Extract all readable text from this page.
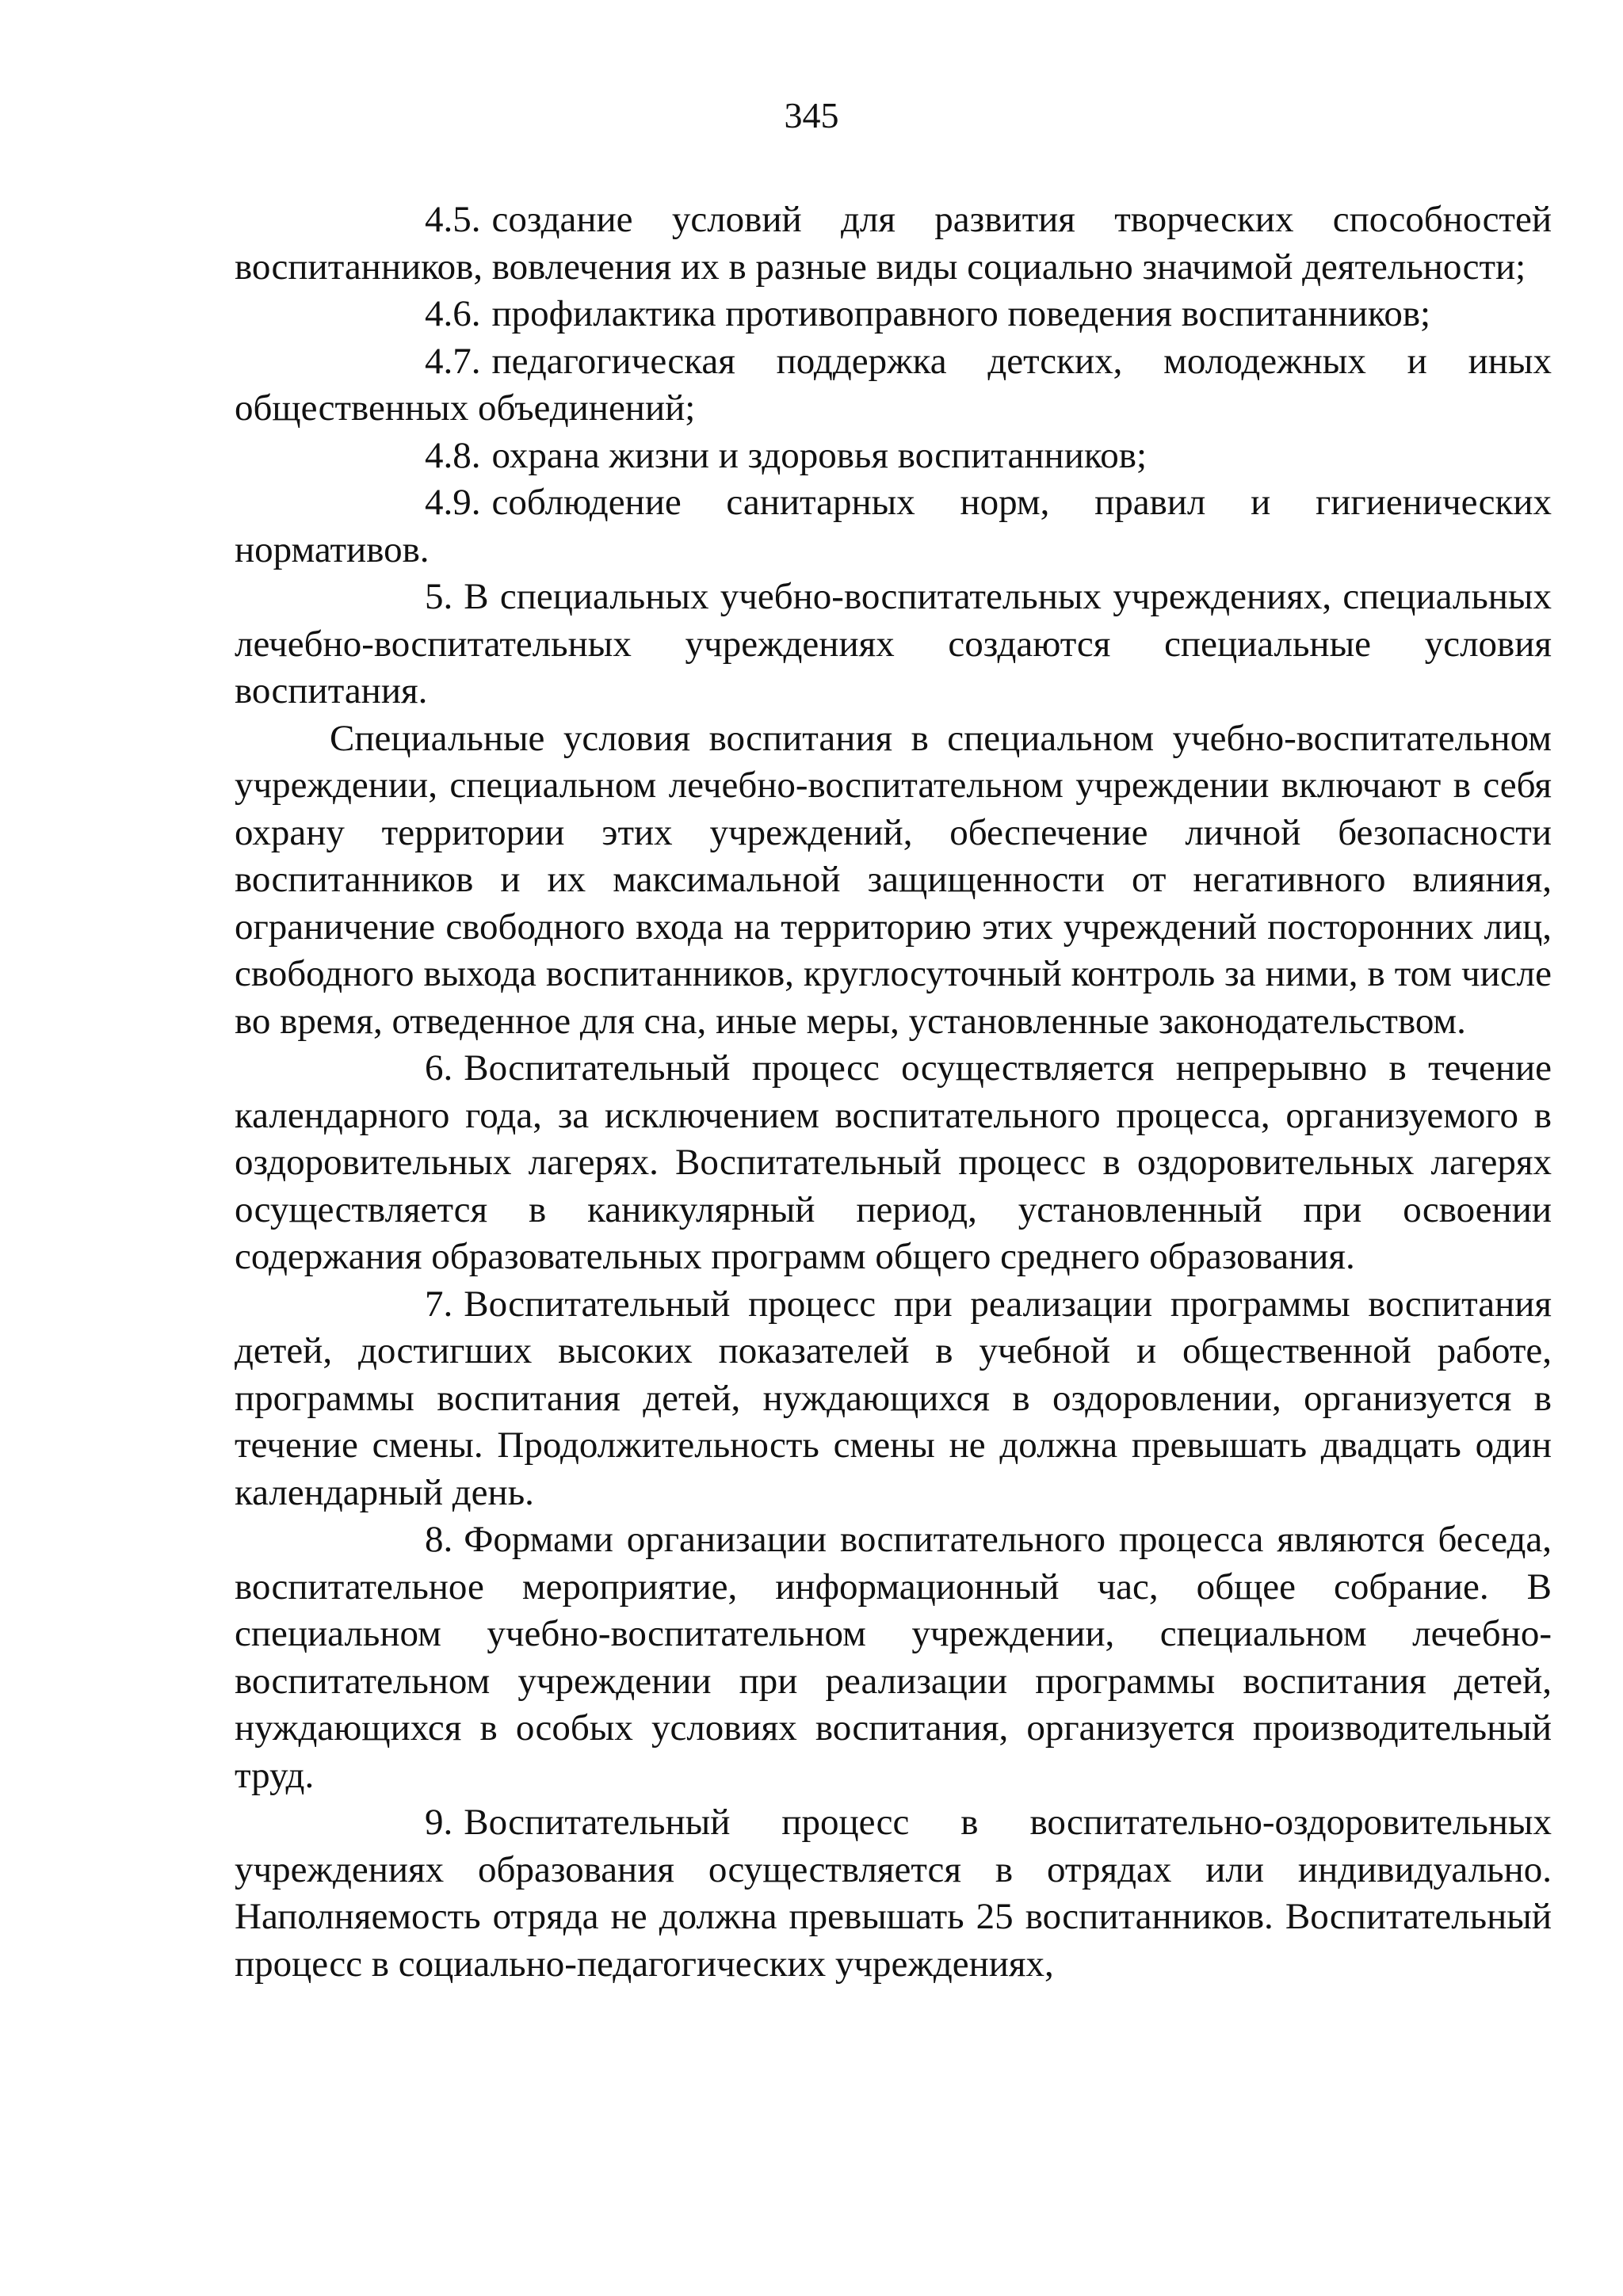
345

4.5. создание условий для развития творческих способностей воспитанников, вовлечения их в разные виды социально значимой деятельности;

4.6. профилактика противоправного поведения воспитанников;

4.7. педагогическая поддержка детских, молодежных и иных общественных объединений;

4.8. охрана жизни и здоровья воспитанников;

4.9. соблюдение санитарных норм, правил и гигиенических нормативов.

5. В специальных учебно-воспитательных учреждениях, специальных лечебно-воспитательных учреждениях создаются специальные условия воспитания.

Специальные условия воспитания в специальном учебно-воспитательном учреждении, специальном лечебно-воспитательном учреждении включают в себя охрану территории этих учреждений, обеспечение личной безопасности воспитанников и их максимальной защищенности от негативного влияния, ограничение свободного входа на территорию этих учреждений посторонних лиц, свободного выхода воспитанников, круглосуточный контроль за ними, в том числе во время, отведенное для сна, иные меры, установленные законодательством.

6. Воспитательный процесс осуществляется непрерывно в течение календарного года, за исключением воспитательного процесса, организуемого в оздоровительных лагерях. Воспитательный процесс в оздоровительных лагерях осуществляется в каникулярный период, установленный при освоении содержания образовательных программ общего среднего образования.

7. Воспитательный процесс при реализации программы воспитания детей, достигших высоких показателей в учебной и общественной работе, программы воспитания детей, нуждающихся в оздоровлении, организуется в течение смены. Продолжительность смены не должна превышать двадцать один календарный день.

8. Формами организации воспитательного процесса являются беседа, воспитательное мероприятие, информационный час, общее собрание. В специальном учебно-воспитательном учреждении, специальном лечебно-воспитательном учреждении при реализации программы воспитания детей, нуждающихся в особых условиях воспитания, организуется производительный труд.

9. Воспитательный процесс в воспитательно-оздоровительных учреждениях образования осуществляется в отрядах или индивидуально. Наполняемость отряда не должна превышать 25 воспитанников. Воспитательный процесс в социально-педагогических учреждениях,
